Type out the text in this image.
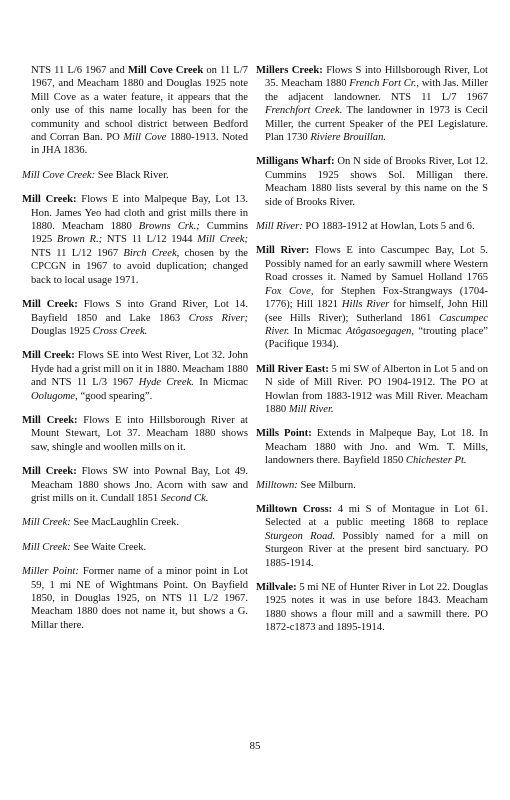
NTS 11 L/6 1967 and Mill Cove Creek on 11 L/7 1967, and Meacham 1880 and Douglas 1925 note Mill Cove as a water feature, it appears that the only use of this name locally has been for the community and school district between Bedford and Corran Ban. PO Mill Cove 1880-1913. Noted in JHA 1836.

Mill Cove Creek: See Black River.

Mill Creek: Flows E into Malpeque Bay, Lot 13. Hon. James Yeo had cloth and grist mills there in 1880. Meacham 1880 Browns Crk.; Cummins 1925 Brown R.; NTS 11 L/12 1944 Mill Creek; NTS 11 L/12 1967 Birch Creek, chosen by the CPCGN in 1967 to avoid duplication; changed back to local usage 1971.

Mill Creek: Flows S into Grand River, Lot 14. Bayfield 1850 and Lake 1863 Cross River; Douglas 1925 Cross Creek.

Mill Creek: Flows SE into West River, Lot 32. John Hyde had a grist mill on it in 1880. Meacham 1880 and NTS 11 L/3 1967 Hyde Creek. In Micmac Oolugome, “good spearing”.

Mill Creek: Flows E into Hillsborough River at Mount Stewart, Lot 37. Meacham 1880 shows saw, shingle and woollen mills on it.

Mill Creek: Flows SW into Pownal Bay, Lot 49. Meacham 1880 shows Jno. Acorn with saw and grist mills on it. Cundall 1851 Second Ck.

Mill Creek: See MacLaughlin Creek.

Mill Creek: See Waite Creek.

Miller Point: Former name of a minor point in Lot 59, 1 mi NE of Wightmans Point. On Bayfield 1850, in Douglas 1925, on NTS 11 L/2 1967. Meacham 1880 does not name it, but shows a G. Millar there.

Millers Creek: Flows S into Hillsborough River, Lot 35. Meacham 1880 French Fort Cr., with Jas. Miller the adjacent landowner. NTS 11 L/7 1967 Frenchfort Creek. The landowner in 1973 is Cecil Miller, the current Speaker of the PEI Legislature. Plan 1730 Riviere Brouillan.

Milligans Wharf: On N side of Brooks River, Lot 12. Cummins 1925 shows Sol. Milligan there. Meacham 1880 lists several by this name on the S side of Brooks River.

Mill River: PO 1883-1912 at Howlan, Lots 5 and 6.

Mill River: Flows E into Cascumpec Bay, Lot 5. Possibly named for an early sawmill where Western Road crosses it. Named by Samuel Holland 1765 Fox Cove, for Stephen Fox-Strangways (1704-1776); Hill 1821 Hills River for himself, John Hill (see Hills River); Sutherland 1861 Cascumpec River. In Micmac Atôgasoegagen, “trouting place” (Pacifique 1934).

Mill River East: 5 mi SW of Alberton in Lot 5 and on N side of Mill River. PO 1904-1912. The PO at Howlan from 1883-1912 was Mill River. Meacham 1880 Mill River.

Mills Point: Extends in Malpeque Bay, Lot 18. In Meacham 1880 with Jno. and Wm. T. Mills, landowners there. Bayfield 1850 Chichester Pt.

Milltown: See Milburn.

Milltown Cross: 4 mi S of Montague in Lot 61. Selected at a public meeting 1868 to replace Sturgeon Road. Possibly named for a mill on Sturgeon River at the present bird sanctuary. PO 1885-1914.

Millvale: 5 mi NE of Hunter River in Lot 22. Douglas 1925 notes it was in use before 1843. Meacham 1880 shows a flour mill and a sawmill there. PO 1872-c1873 and 1895-1914.

85
